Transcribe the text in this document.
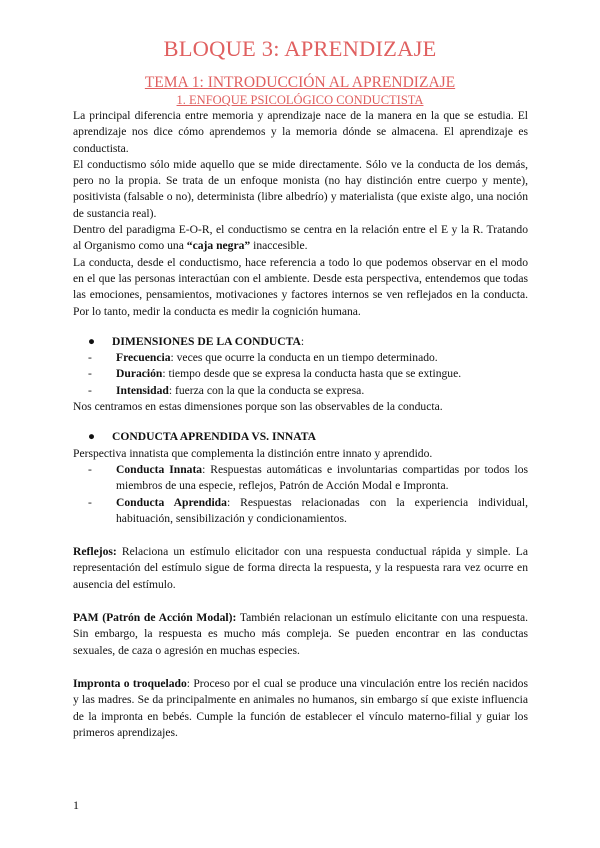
BLOQUE 3: APRENDIZAJE
TEMA 1: INTRODUCCIÓN AL APRENDIZAJE
1. ENFOQUE PSICOLÓGICO CONDUCTISTA

La principal diferencia entre memoria y aprendizaje nace de la manera en la que se estudia. El aprendizaje nos dice cómo aprendemos y la memoria dónde se almacena. El aprendizaje es conductista.

El conductismo sólo mide aquello que se mide directamente. Sólo ve la conducta de los demás, pero no la propia. Se trata de un enfoque monista (no hay distinción entre cuerpo y mente), positivista (falsable o no), determinista (libre albedrío) y materialista (que existe algo, una noción de sustancia real).

Dentro del paradigma E-O-R, el conductismo se centra en la relación entre el E y la R. Tratando al Organismo como una “caja negra” inaccesible.

La conducta, desde el conductismo, hace referencia a todo lo que podemos observar en el modo en el que las personas interactúan con el ambiente. Desde esta perspectiva, entendemos que todas las emociones, pensamientos, motivaciones y factores internos se ven reflejados en la conducta. Por lo tanto, medir la conducta es medir la cognición humana.

●	DIMENSIONES DE LA CONDUCTA:
-	Frecuencia: veces que ocurre la conducta en un tiempo determinado.
-	Duración: tiempo desde que se expresa la conducta hasta que se extingue.
-	Intensidad: fuerza con la que la conducta se expresa.

Nos centramos en estas dimensiones porque son las observables de la conducta.

●	CONDUCTA APRENDIDA VS. INNATA

Perspectiva innatista que complementa la distinción entre innato y aprendido.

-	Conducta Innata: Respuestas automáticas e involuntarias compartidas por todos los miembros de una especie, reflejos, Patrón de Acción Modal e Impronta.
-	Conducta Aprendida: Respuestas relacionadas con la experiencia individual, habituación, sensibilización y condicionamientos.

Reflejos: Relaciona un estímulo elicitador con una respuesta conductual rápida y simple. La representación del estímulo sigue de forma directa la respuesta, y la respuesta rara vez ocurre en ausencia del estímulo.

PAM (Patrón de Acción Modal): También relacionan un estímulo elicitante con una respuesta. Sin embargo, la respuesta es mucho más compleja. Se pueden encontrar en las conductas sexuales, de caza o agresión en muchas especies.

Impronta o troquelado: Proceso por el cual se produce una vinculación entre los recién nacidos y las madres. Se da principalmente en animales no humanos, sin embargo sí que existe influencia de la impronta en bebés. Cumple la función de establecer el vínculo materno-filial y guiar los primeros aprendizajes.

1
